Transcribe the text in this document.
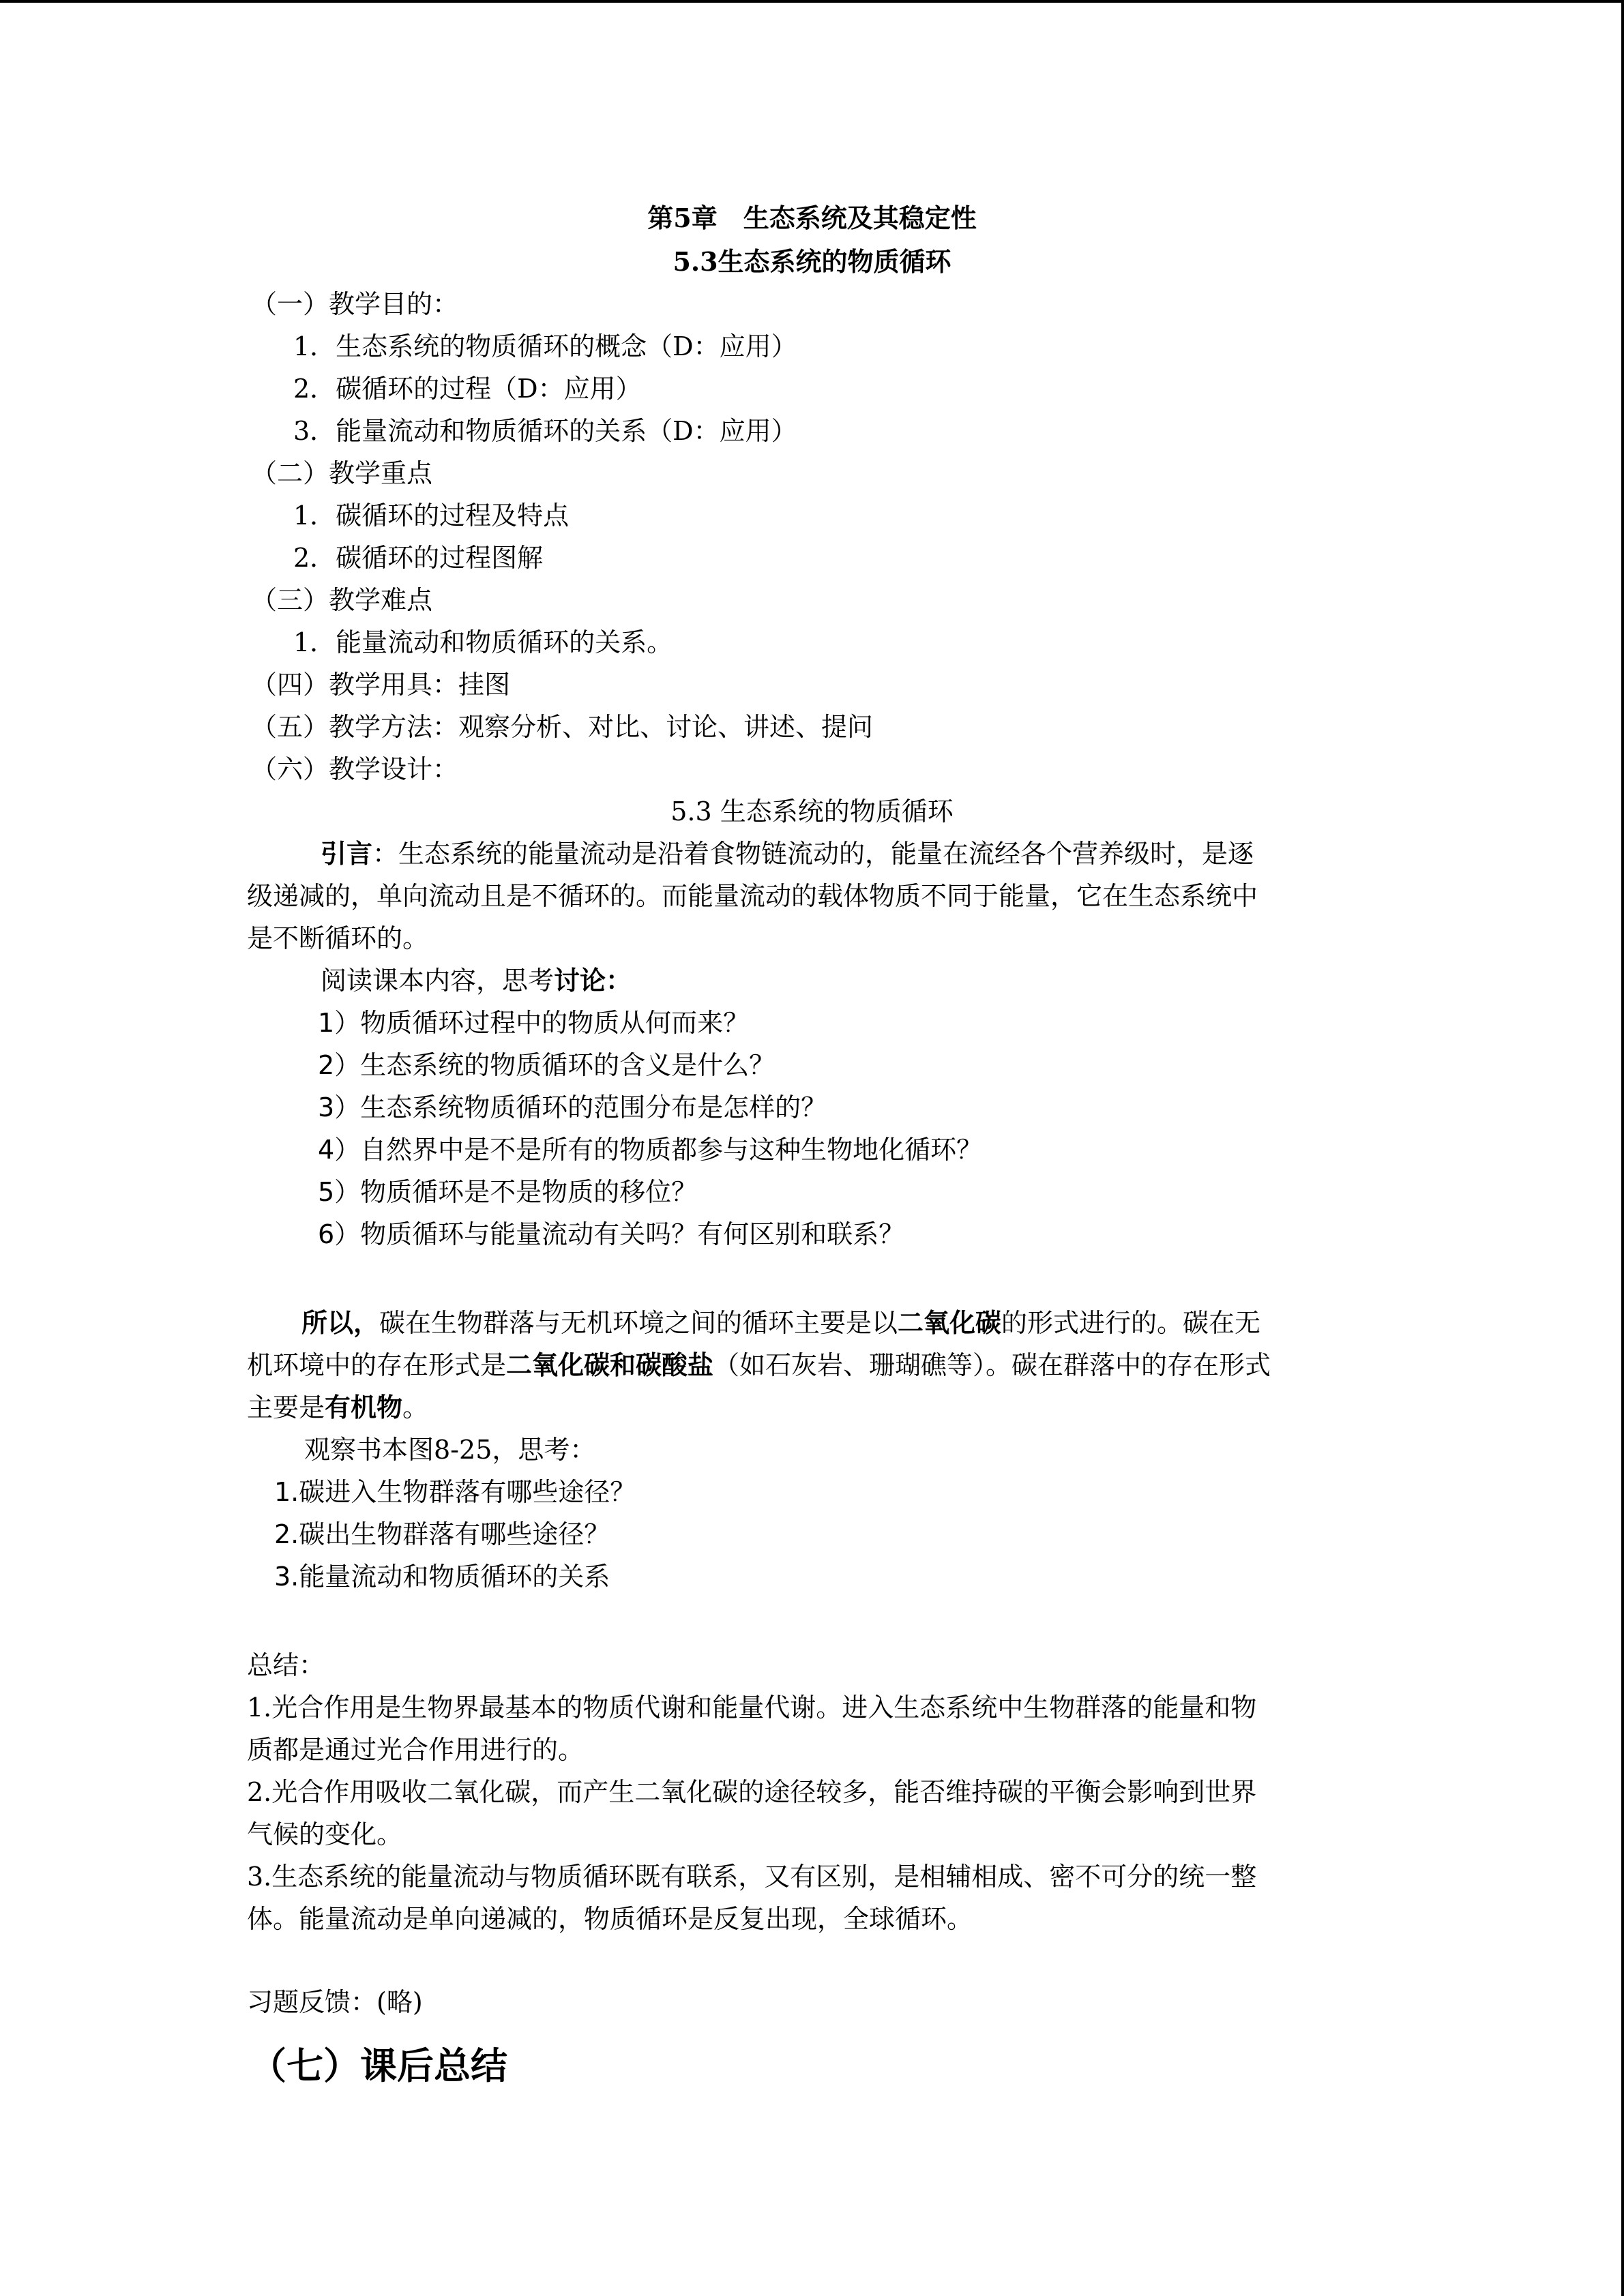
第5章　生态系统及其稳定性
5.3生态系统的物质循环
（一）教学目的：
1．生态系统的物质循环的概念（D：应用）
2．碳循环的过程（D：应用）
3．能量流动和物质循环的关系（D：应用）
（二）教学重点
1．碳循环的过程及特点
2．碳循环的过程图解
（三）教学难点
1．能量流动和物质循环的关系。
（四）教学用具：挂图
（五）教学方法：观察分析、对比、讨论、讲述、提问
（六）教学设计：
5.3 生态系统的物质循环
引言：生态系统的能量流动是沿着食物链流动的，能量在流经各个营养级时，是逐
级递减的，单向流动且是不循环的。而能量流动的载体物质不同于能量，它在生态系统中
是不断循环的。
阅读课本内容，思考讨论：
1）物质循环过程中的物质从何而来？
2）生态系统的物质循环的含义是什么？
3）生态系统物质循环的范围分布是怎样的？
4）自然界中是不是所有的物质都参与这种生物地化循环？
5）物质循环是不是物质的移位？
6）物质循环与能量流动有关吗？有何区别和联系？
所以，碳在生物群落与无机环境之间的循环主要是以二氧化碳的形式进行的。碳在无
机环境中的存在形式是二氧化碳和碳酸盐（如石灰岩、珊瑚礁等）。碳在群落中的存在形式
主要是有机物。
观察书本图8-25，思考：
1.碳进入生物群落有哪些途径？
2.碳出生物群落有哪些途径？
3.能量流动和物质循环的关系
总结：
1.光合作用是生物界最基本的物质代谢和能量代谢。进入生态系统中生物群落的能量和物
质都是通过光合作用进行的。
2.光合作用吸收二氧化碳，而产生二氧化碳的途径较多，能否维持碳的平衡会影响到世界
气候的变化。
3.生态系统的能量流动与物质循环既有联系，又有区别，是相辅相成、密不可分的统一整
体。能量流动是单向递减的，物质循环是反复出现，全球循环。
习题反馈：(略)
（七）课后总结
